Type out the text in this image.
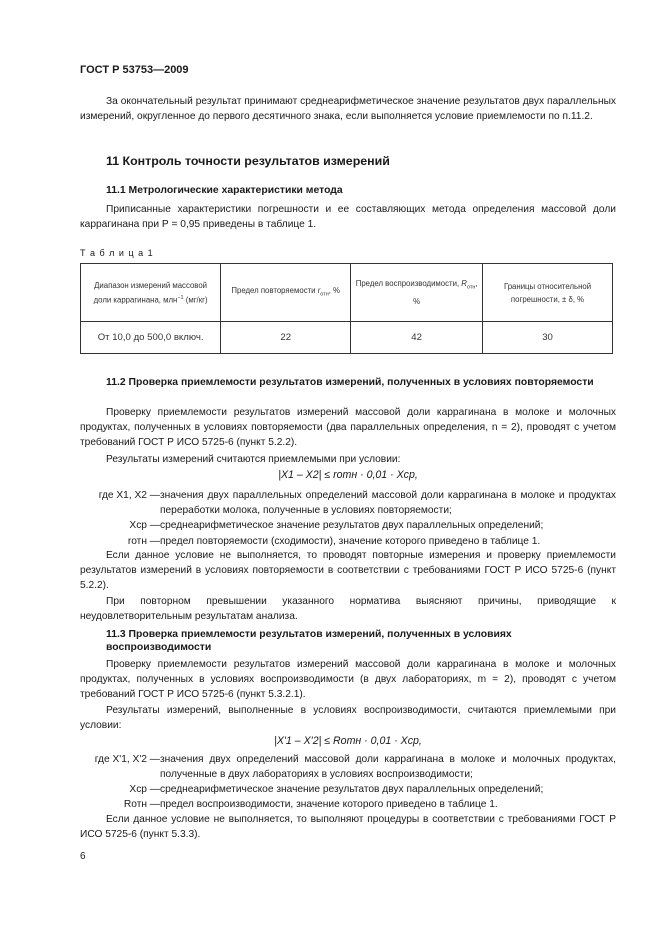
ГОСТ Р 53753—2009
За окончательный результат принимают среднеарифметическое значение результатов двух параллельных измерений, округленное до первого десятичного знака, если выполняется условие приемлемости по п.11.2.
11 Контроль точности результатов измерений
11.1 Метрологические характеристики метода
Приписанные характеристики погрешности и ее составляющих метода определения массовой доли каррагинана при Р = 0,95 приведены в таблице 1.
Т а б л и ц а 1
Диапазон измерений массовой доли каррагинана, млн$^{-1}$ (мг/кг)	Предел повторяемости $r_{отн}$, %	Предел воспроизводимости, $R_{отн}$, %	Границы относительной погрешности, ± δ, %
От 10,0 до 500,0 включ.	22	42	30
11.2 Проверка приемлемости результатов измерений, полученных в условиях повторяемости
Проверку приемлемости результатов измерений массовой доли каррагинана в молоке и молочных продуктах, полученных в условиях повторяемости (два параллельных определения, n = 2), проводят с учетом требований ГОСТ Р ИСО 5725-6 (пункт 5.2.2).
Результаты измерений считаются приемлемыми при условии:
|X1 – X2| ≤ rотн · 0,01 · Xср,
где X1, X2 — значения двух параллельных определений массовой доли каррагинана в молоке и продуктах переработки молока, полученные в условиях повторяемости;
Xср — среднеарифметическое значение результатов двух параллельных определений;
rотн — предел повторяемости (сходимости), значение которого приведено в таблице 1.
Если данное условие не выполняется, то проводят повторные измерения и проверку приемлемости результатов измерений в условиях повторяемости в соответствии с требованиями ГОСТ Р ИСО 5725-6 (пункт 5.2.2).
При повторном превышении указанного норматива выясняют причины, приводящие к неудовлетворительным результатам анализа.
11.3 Проверка приемлемости результатов измерений, полученных в условиях воспроизводимости
Проверку приемлемости результатов измерений массовой доли каррагинана в молоке и молочных продуктах, полученных в условиях воспроизводимости (в двух лабораториях, m = 2), проводят с учетом требований ГОСТ Р ИСО 5725-6 (пункт 5.3.2.1).
Результаты измерений, выполненные в условиях воспроизводимости, считаются приемлемыми при условии:
|X'1 – X'2| ≤ Rотн · 0,01 · Xср,
где X'1, X'2 — значения двух определений массовой доли каррагинана в молоке и молочных продуктах, полученные в двух лабораториях в условиях воспроизводимости;
Xср — среднеарифметическое значение результатов двух параллельных определений;
Rотн — предел воспроизводимости, значение которого приведено в таблице 1.
Если данное условие не выполняется, то выполняют процедуры в соответствии с требованиями ГОСТ Р ИСО 5725-6 (пункт 5.3.3).
6
